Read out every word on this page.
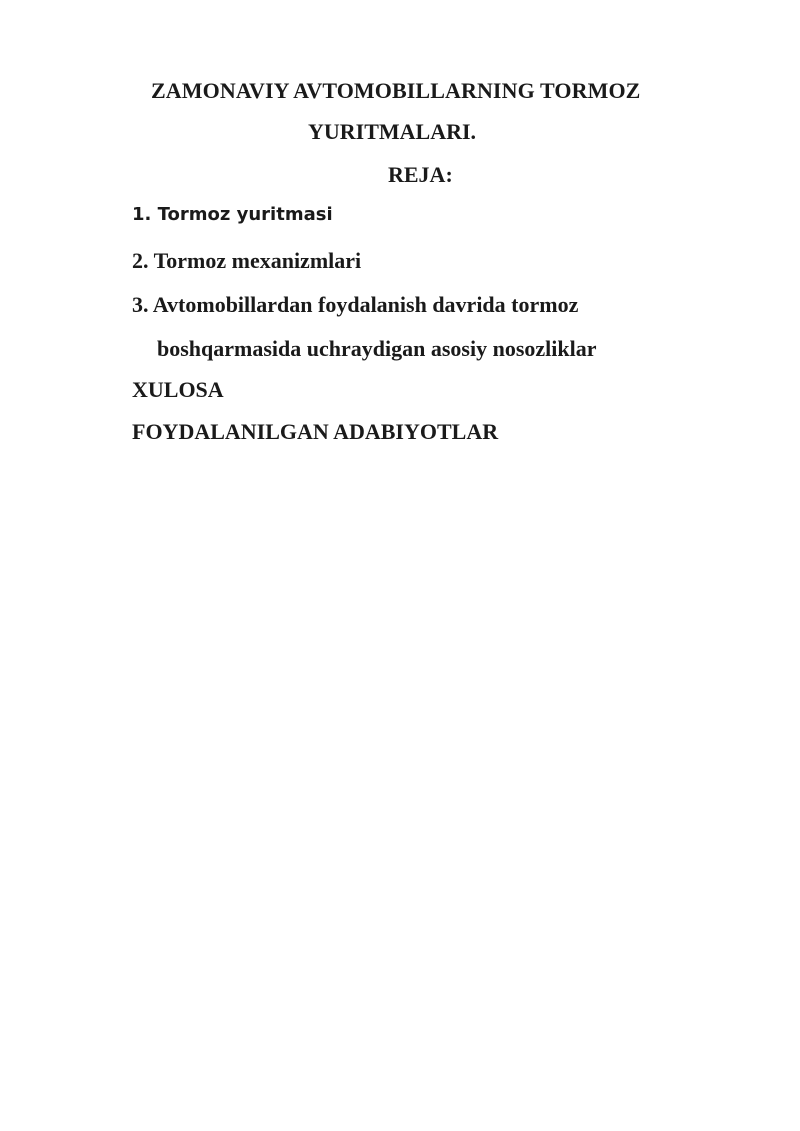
ZAMONAVIY AVTOMOBILLARNING TORMOZ
YURITMALARI.
REJA:
1. Tormoz yuritmasi
2. Tormoz mexanizmlari
3. Avtomobillardan foydalanish davrida tormoz
boshqarmasida uchraydigan asosiy nosozliklar
XULOSA
FOYDALANILGAN ADABIYOTLAR
